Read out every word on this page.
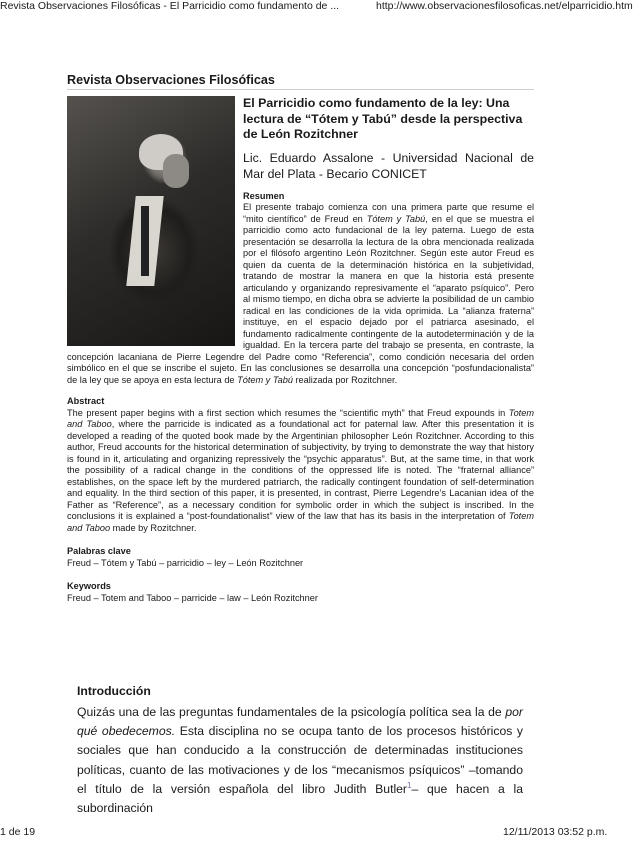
Revista Observaciones Filosóficas - El Parricidio como fundamento de ...	http://www.observacionesfilosoficas.net/elparricidio.htm
Revista Observaciones Filosóficas

El Parricidio como fundamento de la ley: Una lectura de “Tótem y Tabú” desde la perspectiva de León Rozitchner

Lic. Eduardo Assalone - Universidad Nacional de Mar del Plata - Becario CONICET

Resumen

El presente trabajo comienza con una primera parte que resume el “mito científico” de Freud en Tótem y Tabú, en el que se muestra el parricidio como acto fundacional de la ley paterna. Luego de esta presentación se desarrolla la lectura de la obra mencionada realizada por el filósofo argentino León Rozitchner. Según este autor Freud es quien da cuenta de la determinación histórica en la subjetividad, tratando de mostrar la manera en que la historia está presente articulando y organizando represivamente el “aparato psíquico”. Pero al mismo tiempo, en dicha obra se advierte la posibilidad de un cambio radical en las condiciones de la vida oprimida. La “alianza fraterna” instituye, en el espacio dejado por el patriarca asesinado, el fundamento radicalmente contingente de la autodeterminación y de la igualdad. En la tercera parte del trabajo se presenta, en contraste, la concepción lacaniana de Pierre Legendre del Padre como “Referencia”, como condición necesaria del orden simbólico en el que se inscribe el sujeto. En las conclusiones se desarrolla una concepción “posfundacionalista” de la ley que se apoya en esta lectura de Tótem y Tabú realizada por Rozitchner.

Abstract

The present paper begins with a first section which resumes the “scientific myth” that Freud expounds in Totem and Taboo, where the parricide is indicated as a foundational act for paternal law. After this presentation it is developed a reading of the quoted book made by the Argentinian philosopher León Rozitchner. According to this author, Freud accounts for the historical determination of subjectivity, by trying to demonstrate the way that history is found in it, articulating and organizing repressively the “psychic apparatus”. But, at the same time, in that work the possibility of a radical change in the conditions of the oppressed life is noted. The “fraternal alliance” establishes, on the space left by the murdered patriarch, the radically contingent foundation of self-determination and equality. In the third section of this paper, it is presented, in contrast, Pierre Legendre’s Lacanian idea of the Father as “Reference”, as a necessary condition for symbolic order in which the subject is inscribed. In the conclusions it is explained a “post-foundationalist” view of the law that has its basis in the interpretation of Totem and Taboo made by Rozitchner.

Palabras clave

Freud – Tótem y Tabú – parricidio – ley – León Rozitchner

Keywords

Freud – Totem and Taboo – parricide – law – León Rozitchner

Introducción

Quizás una de las preguntas fundamentales de la psicología política sea la de por qué obedecemos. Esta disciplina no se ocupa tanto de los procesos históricos y sociales que han conducido a la construcción de determinadas instituciones políticas, cuanto de las motivaciones y de los “mecanismos psíquicos” –tomando el título de la versión española del libro Judith Butler$^1$– que hacen a la subordinación

1 de 19	12/11/2013 03:52 p.m.
